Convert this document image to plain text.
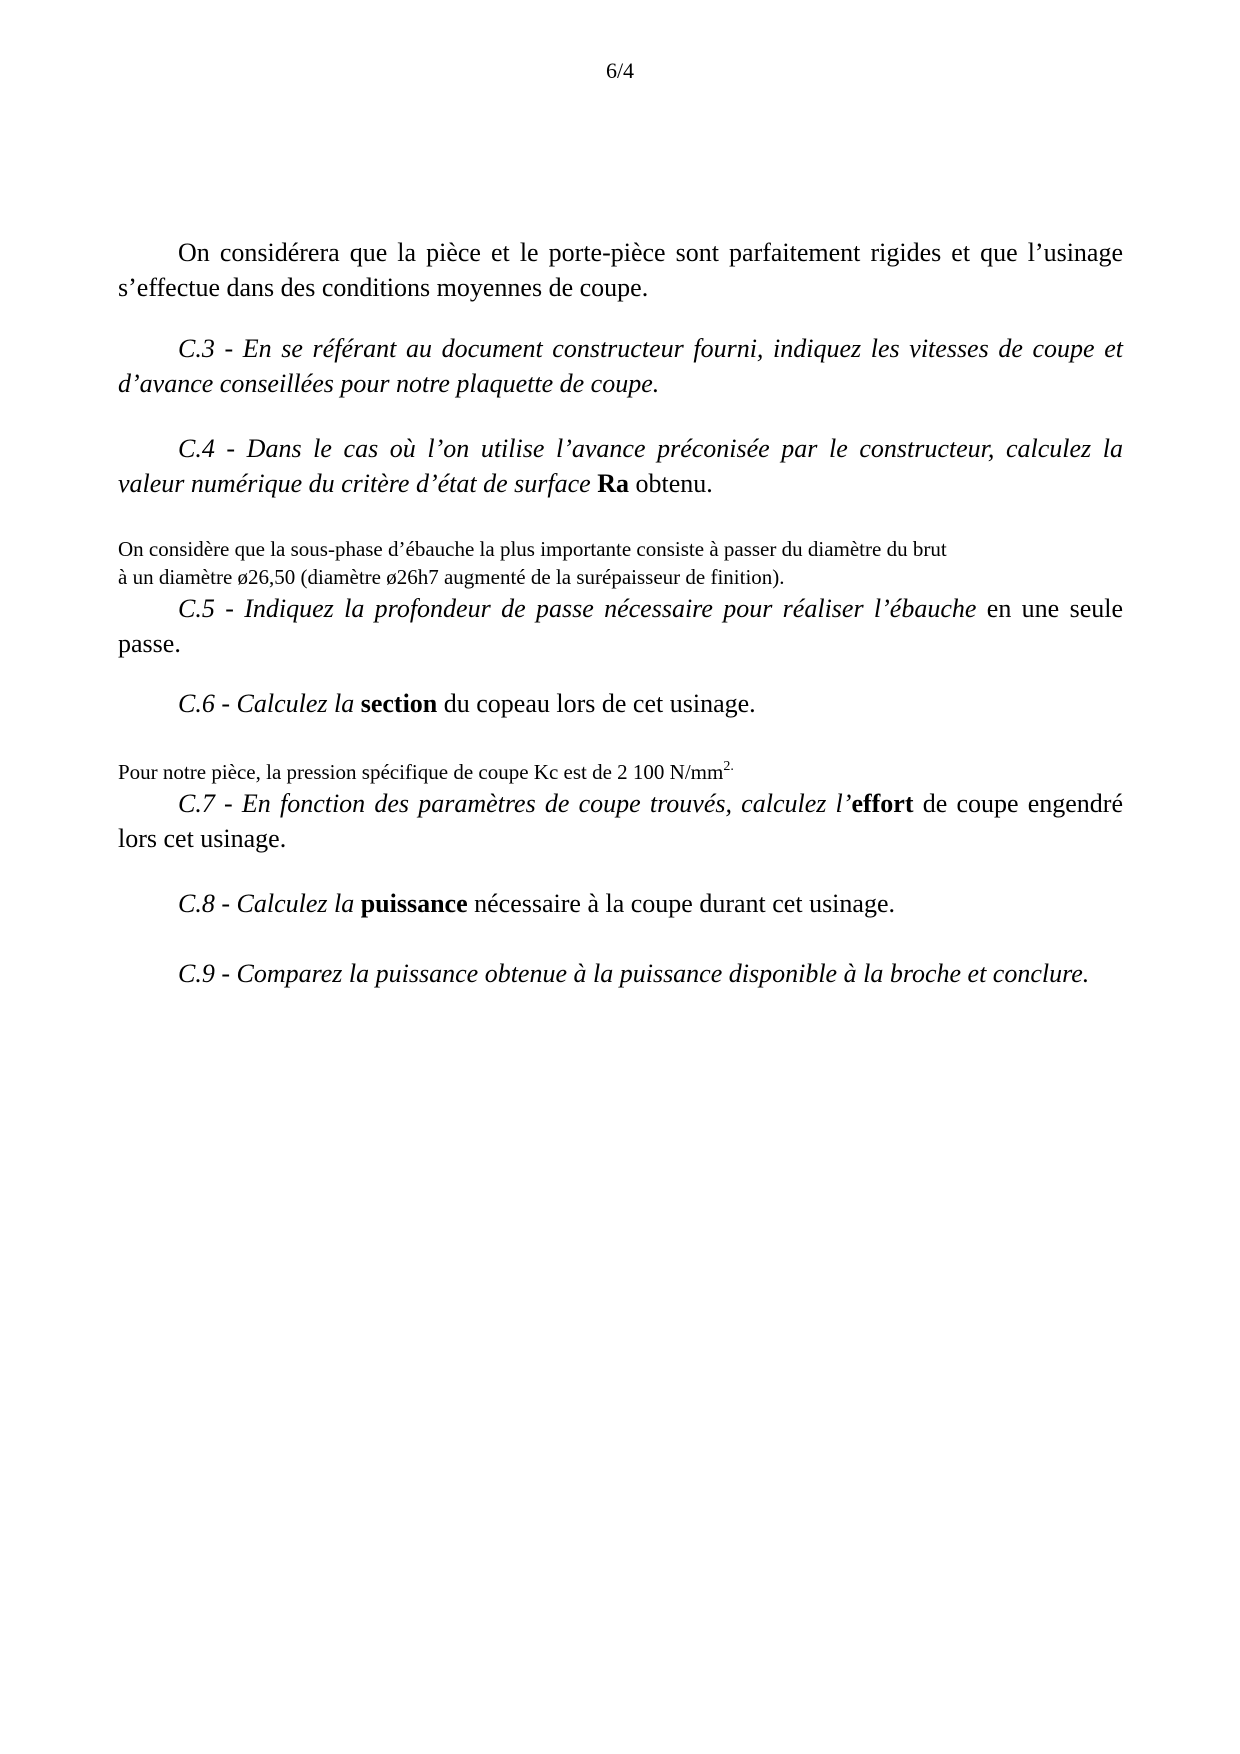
6/4

On considérera que la pièce et le porte-pièce sont parfaitement rigides et que l’usinage s’effectue dans des conditions moyennes de coupe.

C.3 - En se référant au document constructeur fourni, indiquez les vitesses de coupe et d’avance conseillées pour notre plaquette de coupe.

C.4 - Dans le cas où l’on utilise l’avance préconisée par le constructeur, calculez la valeur numérique du critère d’état de surface Ra obtenu.

On considère que la sous-phase d’ébauche la plus importante consiste à passer du diamètre du brut
à un diamètre ø26,50 (diamètre ø26h7 augmenté de la surépaisseur de finition).

C.5 - Indiquez la profondeur de passe nécessaire pour réaliser l’ébauche en une seule passe.

C.6 - Calculez la section du copeau lors de cet usinage.

Pour notre pièce, la pression spécifique de coupe Kc est de 2 100 $N/mm^{2.}$

C.7 - En fonction des paramètres de coupe trouvés, calculez l’effort de coupe engendré lors cet usinage.

C.8 - Calculez la puissance nécessaire à la coupe durant cet usinage.

C.9 - Comparez la puissance obtenue à la puissance disponible à la broche et conclure.
